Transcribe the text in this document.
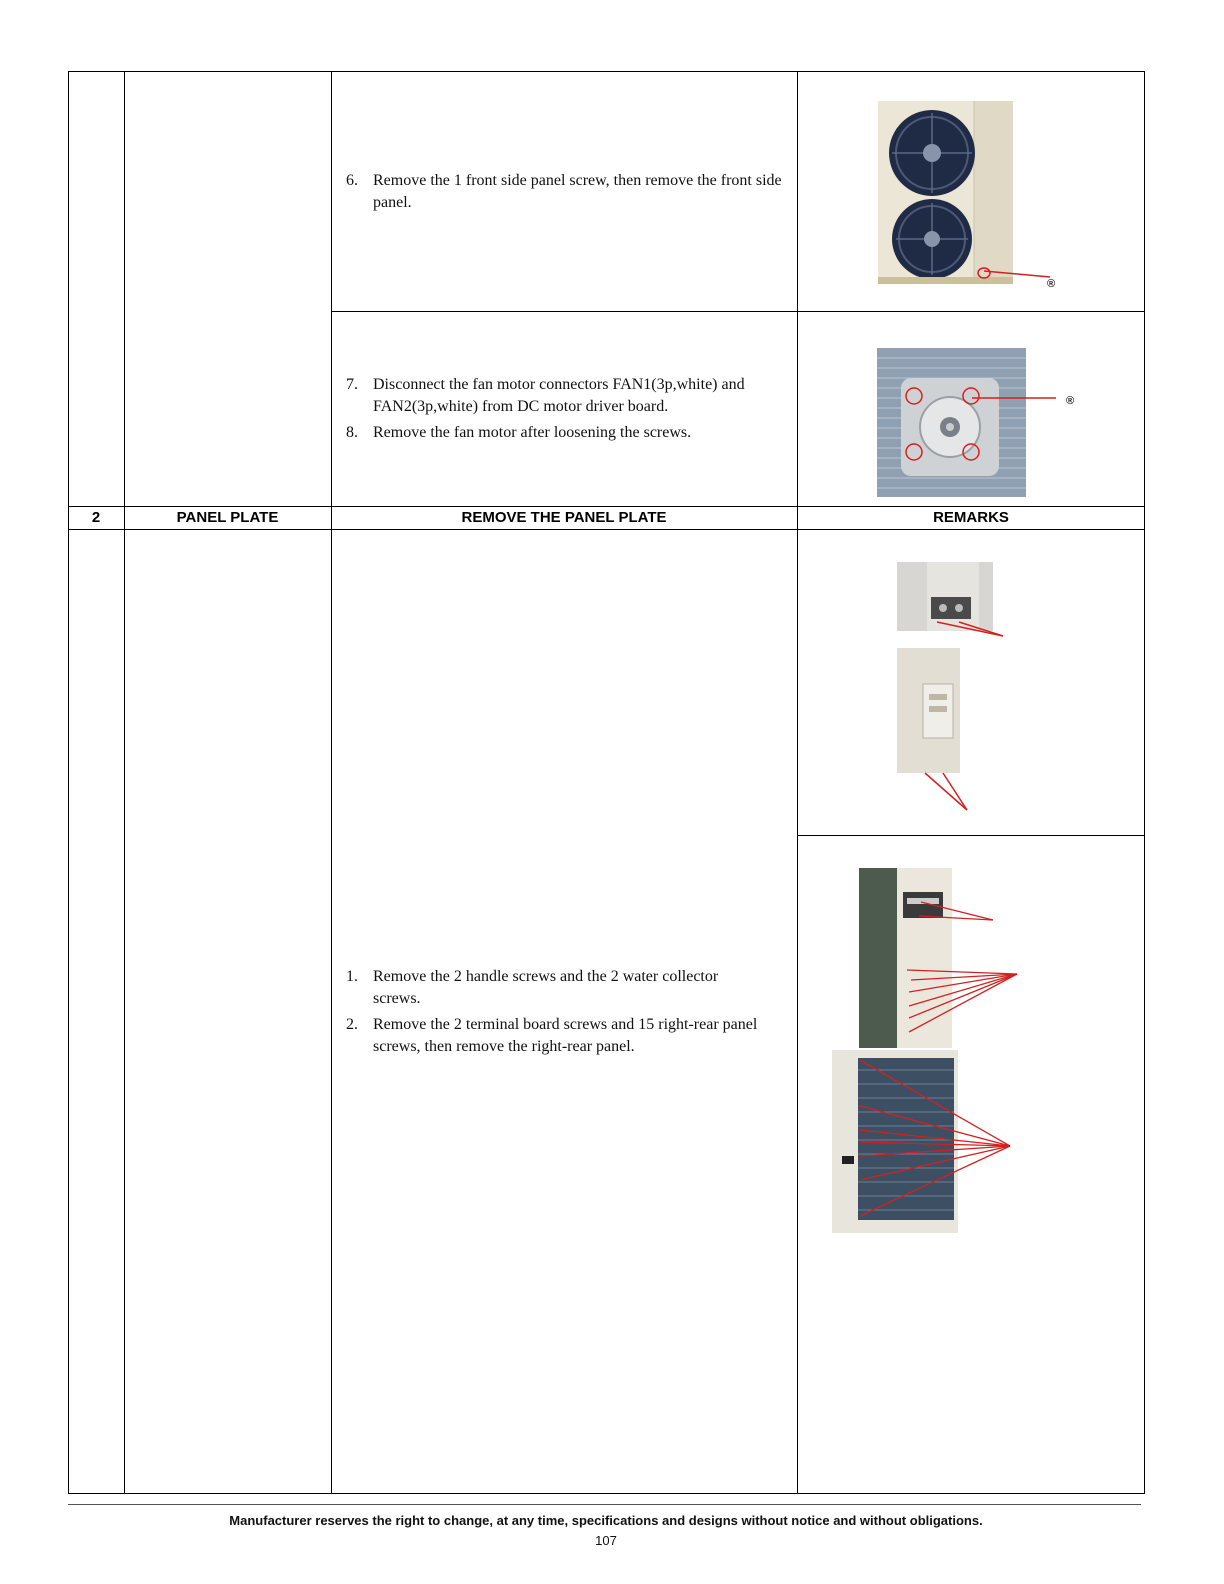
6. Remove the 1 front side panel screw, then remove the front side panel.
7. Disconnect the fan motor connectors FAN1(3p,white) and FAN2(3p,white) from DC motor driver board.
8. Remove the fan motor after loosening the screws.
®
®
2	PANEL PLATE	REMOVE THE PANEL PLATE	REMARKS
1. Remove the 2 handle screws and the 2 water collector screws.
2. Remove the 2 terminal board screws and 15 right-rear panel screws, then remove the right-rear panel.
Manufacturer reserves the right to change, at any time, specifications and designs without notice and without obligations.
107
